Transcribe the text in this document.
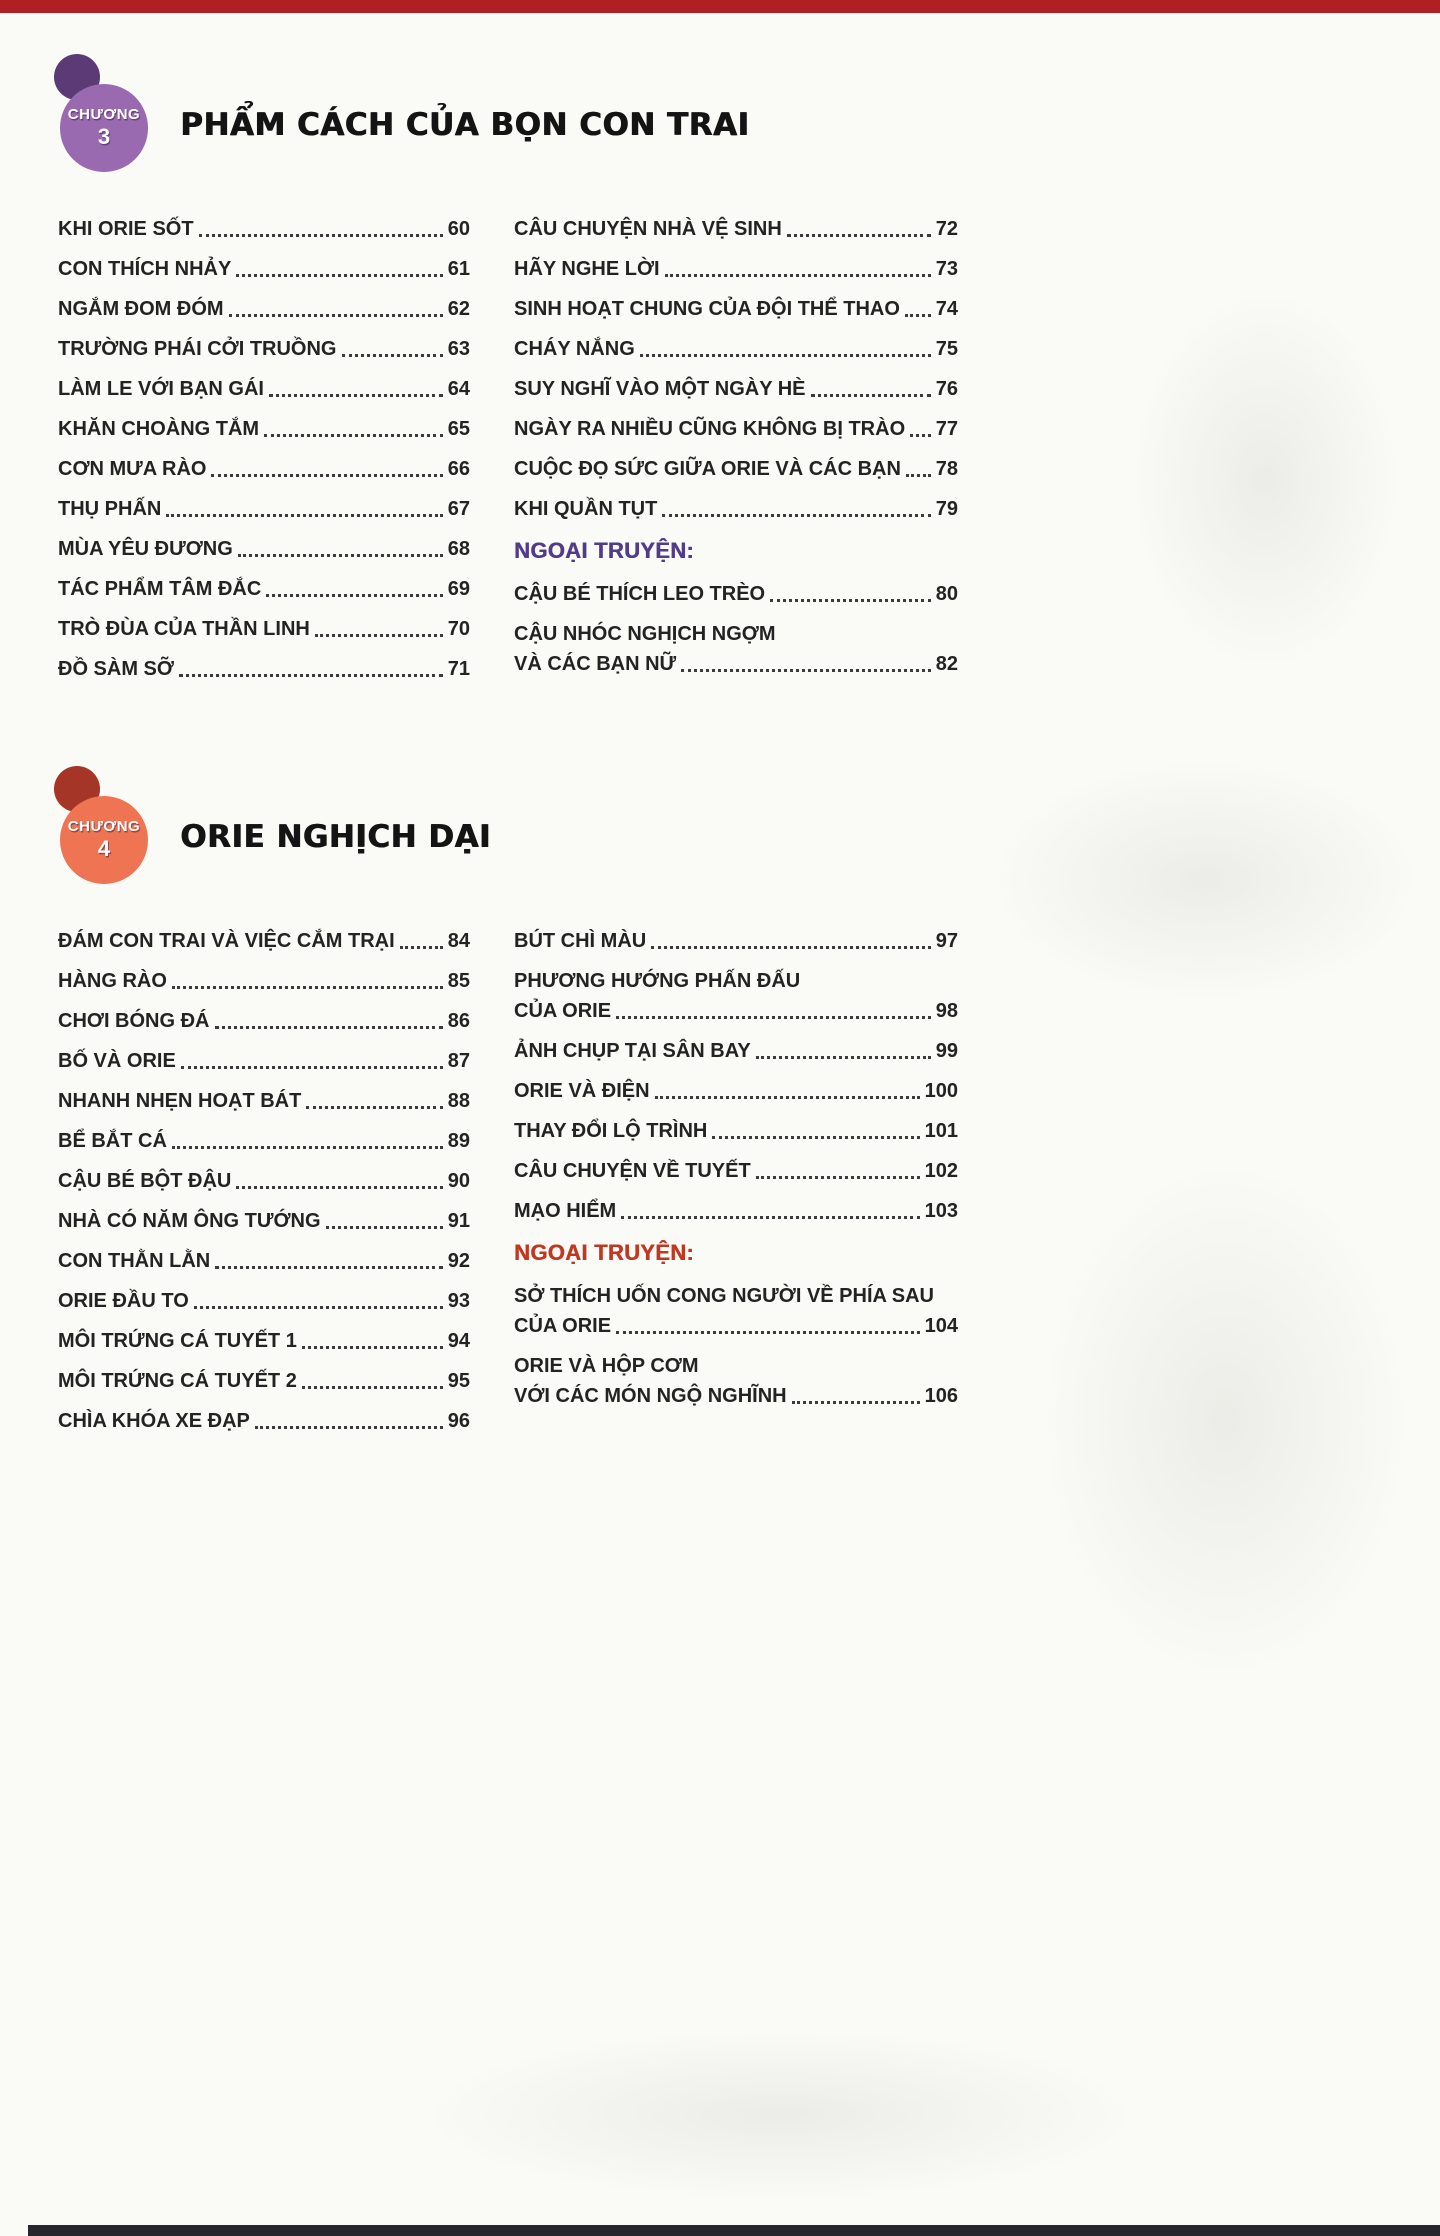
CHƯƠNG
3 PHẨM CÁCH CỦA BỌN CON TRAI
KHI ORIE SỐT	60
CON THÍCH NHẢY	61
NGẮM ĐOM ĐÓM	62
TRƯỜNG PHÁI CỞI TRUỒNG	63
LÀM LE VỚI BẠN GÁI	64
KHĂN CHOÀNG TẮM	65
CƠN MƯA RÀO	66
THỤ PHẤN	67
MÙA YÊU ĐƯƠNG	68
TÁC PHẨM TÂM ĐẮC	69
TRÒ ĐÙA CỦA THẦN LINH	70
ĐỒ SÀM SỠ	71
CÂU CHUYỆN NHÀ VỆ SINH	72
HÃY NGHE LỜI	73
SINH HOẠT CHUNG CỦA ĐỘI THỂ THAO 74
CHÁY NẮNG	75
SUY NGHĨ VÀO MỘT NGÀY HÈ	76
NGÀY RA NHIỀU CŨNG KHÔNG BỊ TRÀO 77
CUỘC ĐỌ SỨC GIỮA ORIE VÀ CÁC BẠN 78
KHI QUẦN TỤT	79
NGOẠI TRUYỆN:
CẬU BÉ THÍCH LEO TRÈO	80
CẬU NHÓC NGHỊCH NGỢM
VÀ CÁC BẠN NỮ	82
CHƯƠNG
4 ORIE NGHỊCH DẠI
ĐÁM CON TRAI VÀ VIỆC CẮM TRẠI	84
HÀNG RÀO	85
CHƠI BÓNG ĐÁ	86
BỐ VÀ ORIE	87
NHANH NHẸN HOẠT BÁT	88
BỂ BẮT CÁ	89
CẬU BÉ BỘT ĐẬU	90
NHÀ CÓ NĂM ÔNG TƯỚNG	91
CON THẰN LẰN	92
ORIE ĐẦU TO	93
MÔI TRỨNG CÁ TUYẾT 1	94
MÔI TRỨNG CÁ TUYẾT 2	95
CHÌA KHÓA XE ĐẠP	96
BÚT CHÌ MÀU	97
PHƯƠNG HƯỚNG PHẤN ĐẤU
CỦA ORIE	98
ẢNH CHỤP TẠI SÂN BAY	99
ORIE VÀ ĐIỆN	100
THAY ĐỔI LỘ TRÌNH	101
CÂU CHUYỆN VỀ TUYẾT	102
MẠO HIỂM	103
NGOẠI TRUYỆN:
SỞ THÍCH UỐN CONG NGƯỜI VỀ PHÍA SAU
CỦA ORIE	104
ORIE VÀ HỘP CƠM
VỚI CÁC MÓN NGỘ NGHĨNH	106
